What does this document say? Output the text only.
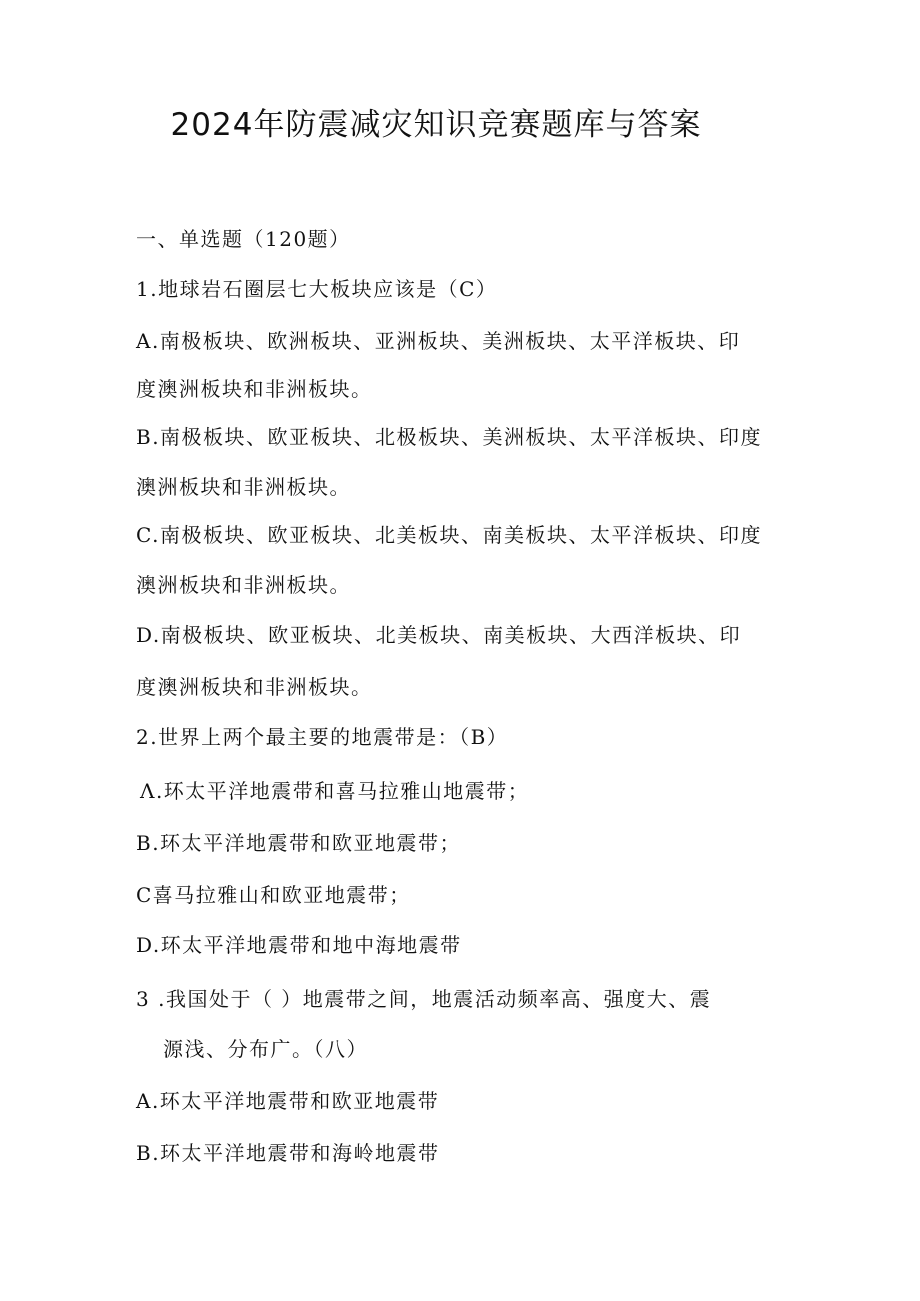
2024年防震减灾知识竞赛题库与答案
一、单选题（120题）
1.地球岩石圈层七大板块应该是（C）
A.南极板块、欧洲板块、亚洲板块、美洲板块、太平洋板块、印
度澳洲板块和非洲板块。
B.南极板块、欧亚板块、北极板块、美洲板块、太平洋板块、印度
澳洲板块和非洲板块。
C.南极板块、欧亚板块、北美板块、南美板块、太平洋板块、印度
澳洲板块和非洲板块。
D.南极板块、欧亚板块、北美板块、南美板块、大西洋板块、印
度澳洲板块和非洲板块。
2.世界上两个最主要的地震带是：（B）
Λ.环太平洋地震带和喜马拉雅山地震带；
B.环太平洋地震带和欧亚地震带；
C喜马拉雅山和欧亚地震带；
D.环太平洋地震带和地中海地震带
3 .我国处于（ ）地震带之间，地震活动频率高、强度大、震
源浅、分布广。（八）
A.环太平洋地震带和欧亚地震带
B.环太平洋地震带和海岭地震带
